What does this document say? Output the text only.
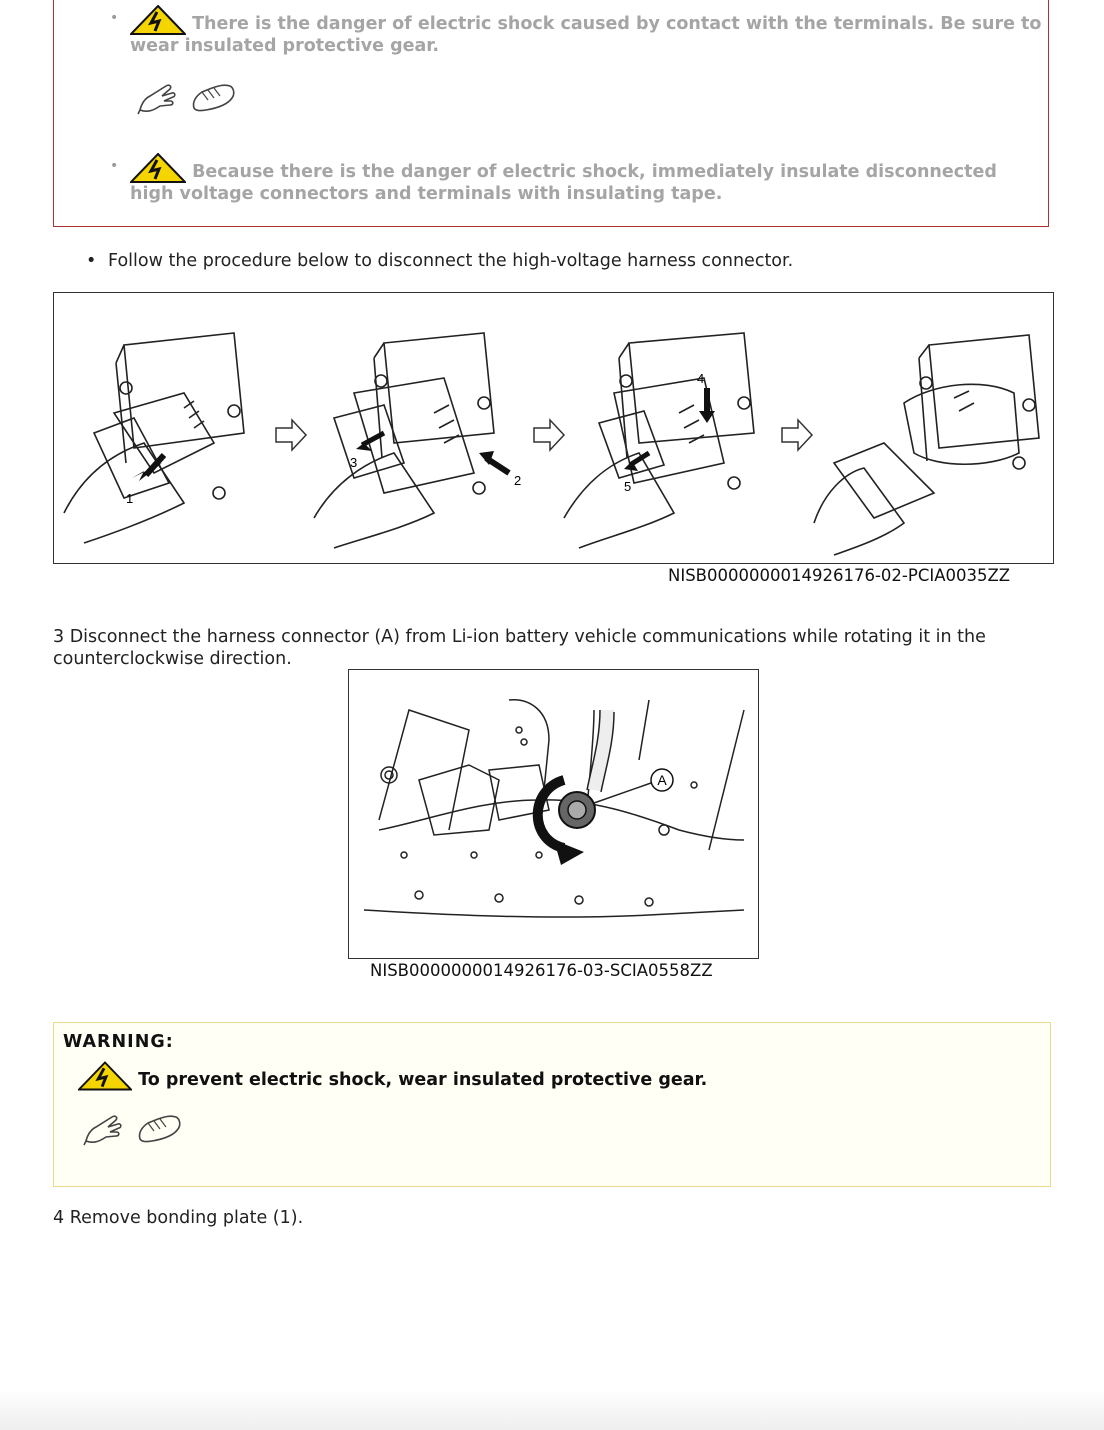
•	There is the danger of electric shock caused by contact with the terminals. Be sure to wear insulated protective gear.
•	Because there is the danger of electric shock, immediately insulate disconnected high voltage connectors and terminals with insulating tape.
• Follow the procedure below to disconnect the high-voltage harness connector.
1
3
2
4
5
NISB0000000014926176-02-PCIA0035ZZ
3 Disconnect the harness connector (A) from Li-ion battery vehicle communications while rotating it in the counterclockwise direction.
A
NISB0000000014926176-03-SCIA0558ZZ
WARNING:
To prevent electric shock, wear insulated protective gear.
4 Remove bonding plate (1).
